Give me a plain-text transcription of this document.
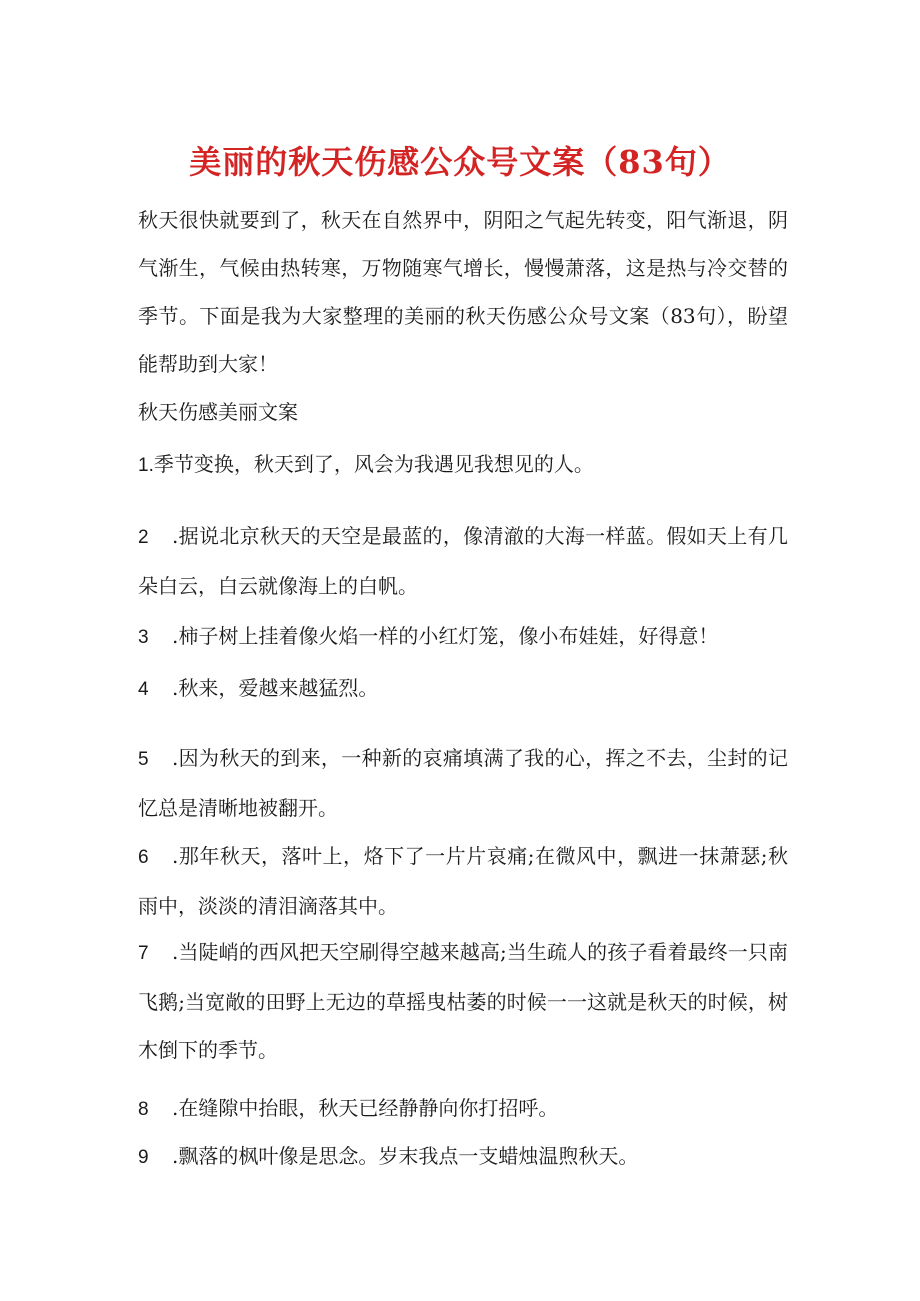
美丽的秋天伤感公众号文案（83句）

秋天很快就要到了，秋天在自然界中，阴阳之气起先转变，阳气渐退，阴气渐生，气候由热转寒，万物随寒气增长，慢慢萧落，这是热与冷交替的季节。下面是我为大家整理的美丽的秋天伤感公众号文案（83句），盼望能帮助到大家！

秋天伤感美丽文案

1.季节变换，秋天到了，风会为我遇见我想见的人。

2 .据说北京秋天的天空是最蓝的，像清澈的大海一样蓝。假如天上有几朵白云，白云就像海上的白帆。

3 .柿子树上挂着像火焰一样的小红灯笼，像小布娃娃，好得意！

4 .秋来，爱越来越猛烈。

5 .因为秋天的到来，一种新的哀痛填满了我的心，挥之不去，尘封的记忆总是清晰地被翻开。

6 .那年秋天，落叶上，烙下了一片片哀痛;在微风中，飘进一抹萧瑟;秋雨中，淡淡的清泪滴落其中。

7 .当陡峭的西风把天空刷得空越来越高;当生疏人的孩子看着最终一只南飞鹅;当宽敞的田野上无边的草摇曳枯萎的时候一一这就是秋天的时候，树木倒下的季节。

8 .在缝隙中抬眼，秋天已经静静向你打招呼。

9 .飘落的枫叶像是思念。岁末我点一支蜡烛温煦秋天。
